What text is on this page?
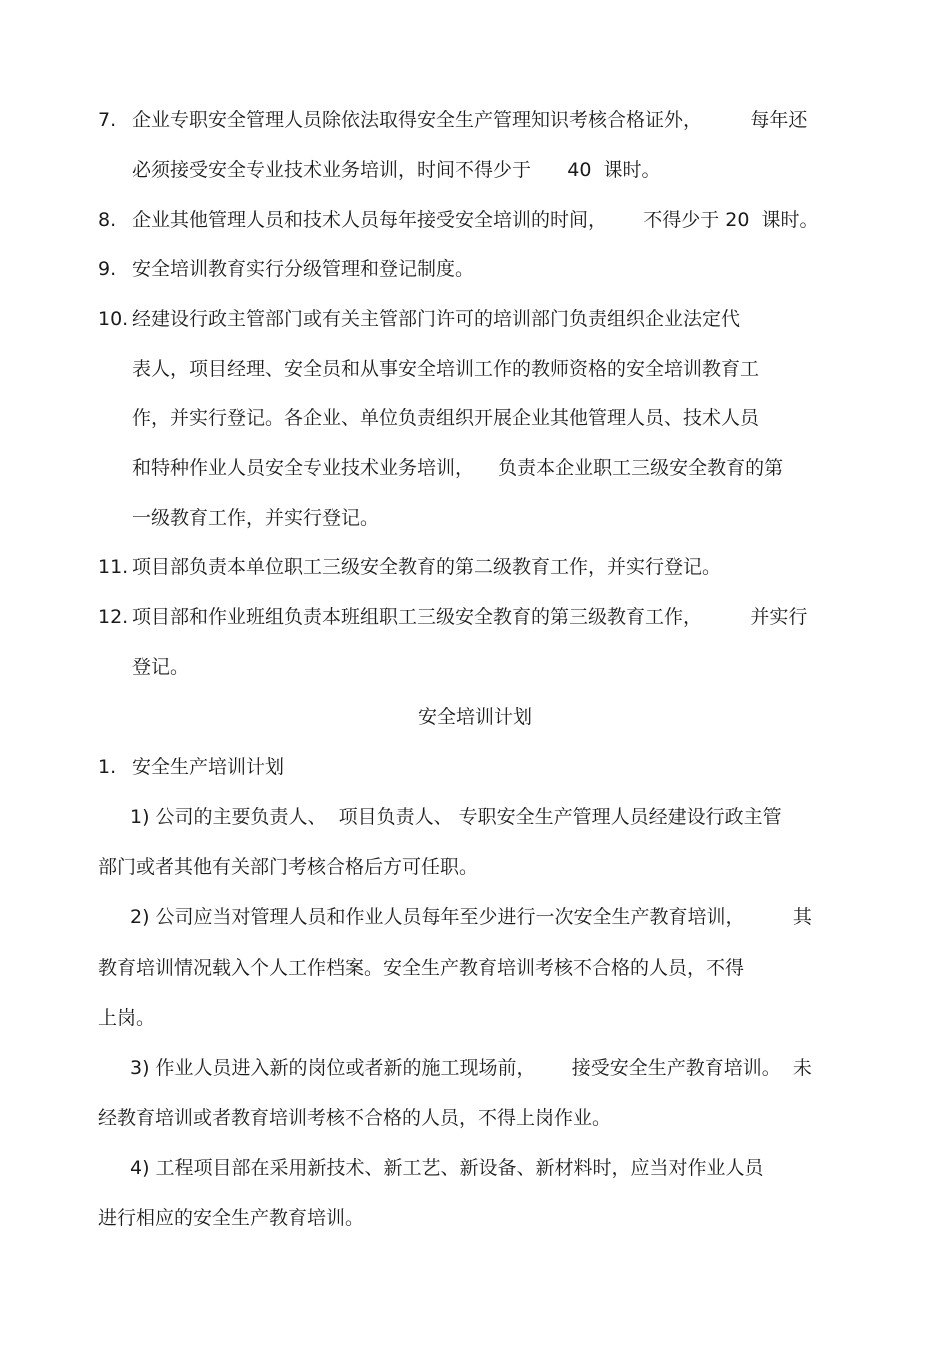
7. 企业专职安全管理人员除依法取得安全生产管理知识考核合格证外，        每年还
必须接受安全专业技术业务培训，时间不得少于      40  课时。
8. 企业其他管理人员和技术人员每年接受安全培训的时间，      不得少于 20  课时。
9. 安全培训教育实行分级管理和登记制度。
10. 经建设行政主管部门或有关主管部门许可的培训部门负责组织企业法定代
表人，项目经理、安全员和从事安全培训工作的教师资格的安全培训教育工
作，并实行登记。各企业、单位负责组织开展企业其他管理人员、技术人员
和特种作业人员安全专业技术业务培训，    负责本企业职工三级安全教育的第
一级教育工作，并实行登记。
11. 项目部负责本单位职工三级安全教育的第二级教育工作，并实行登记。
12. 项目部和作业班组负责本班组职工三级安全教育的第三级教育工作，        并实行
登记。
安全培训计划
1. 安全生产培训计划
1) 公司的主要负责人、  项目负责人、 专职安全生产管理人员经建设行政主管
部门或者其他有关部门考核合格后方可任职。
2) 公司应当对管理人员和作业人员每年至少进行一次安全生产教育培训，        其
教育培训情况载入个人工作档案。安全生产教育培训考核不合格的人员，不得
上岗。
3) 作业人员进入新的岗位或者新的施工现场前，      接受安全生产教育培训。  未
经教育培训或者教育培训考核不合格的人员，不得上岗作业。
4) 工程项目部在采用新技术、新工艺、新设备、新材料时，应当对作业人员
进行相应的安全生产教育培训。
